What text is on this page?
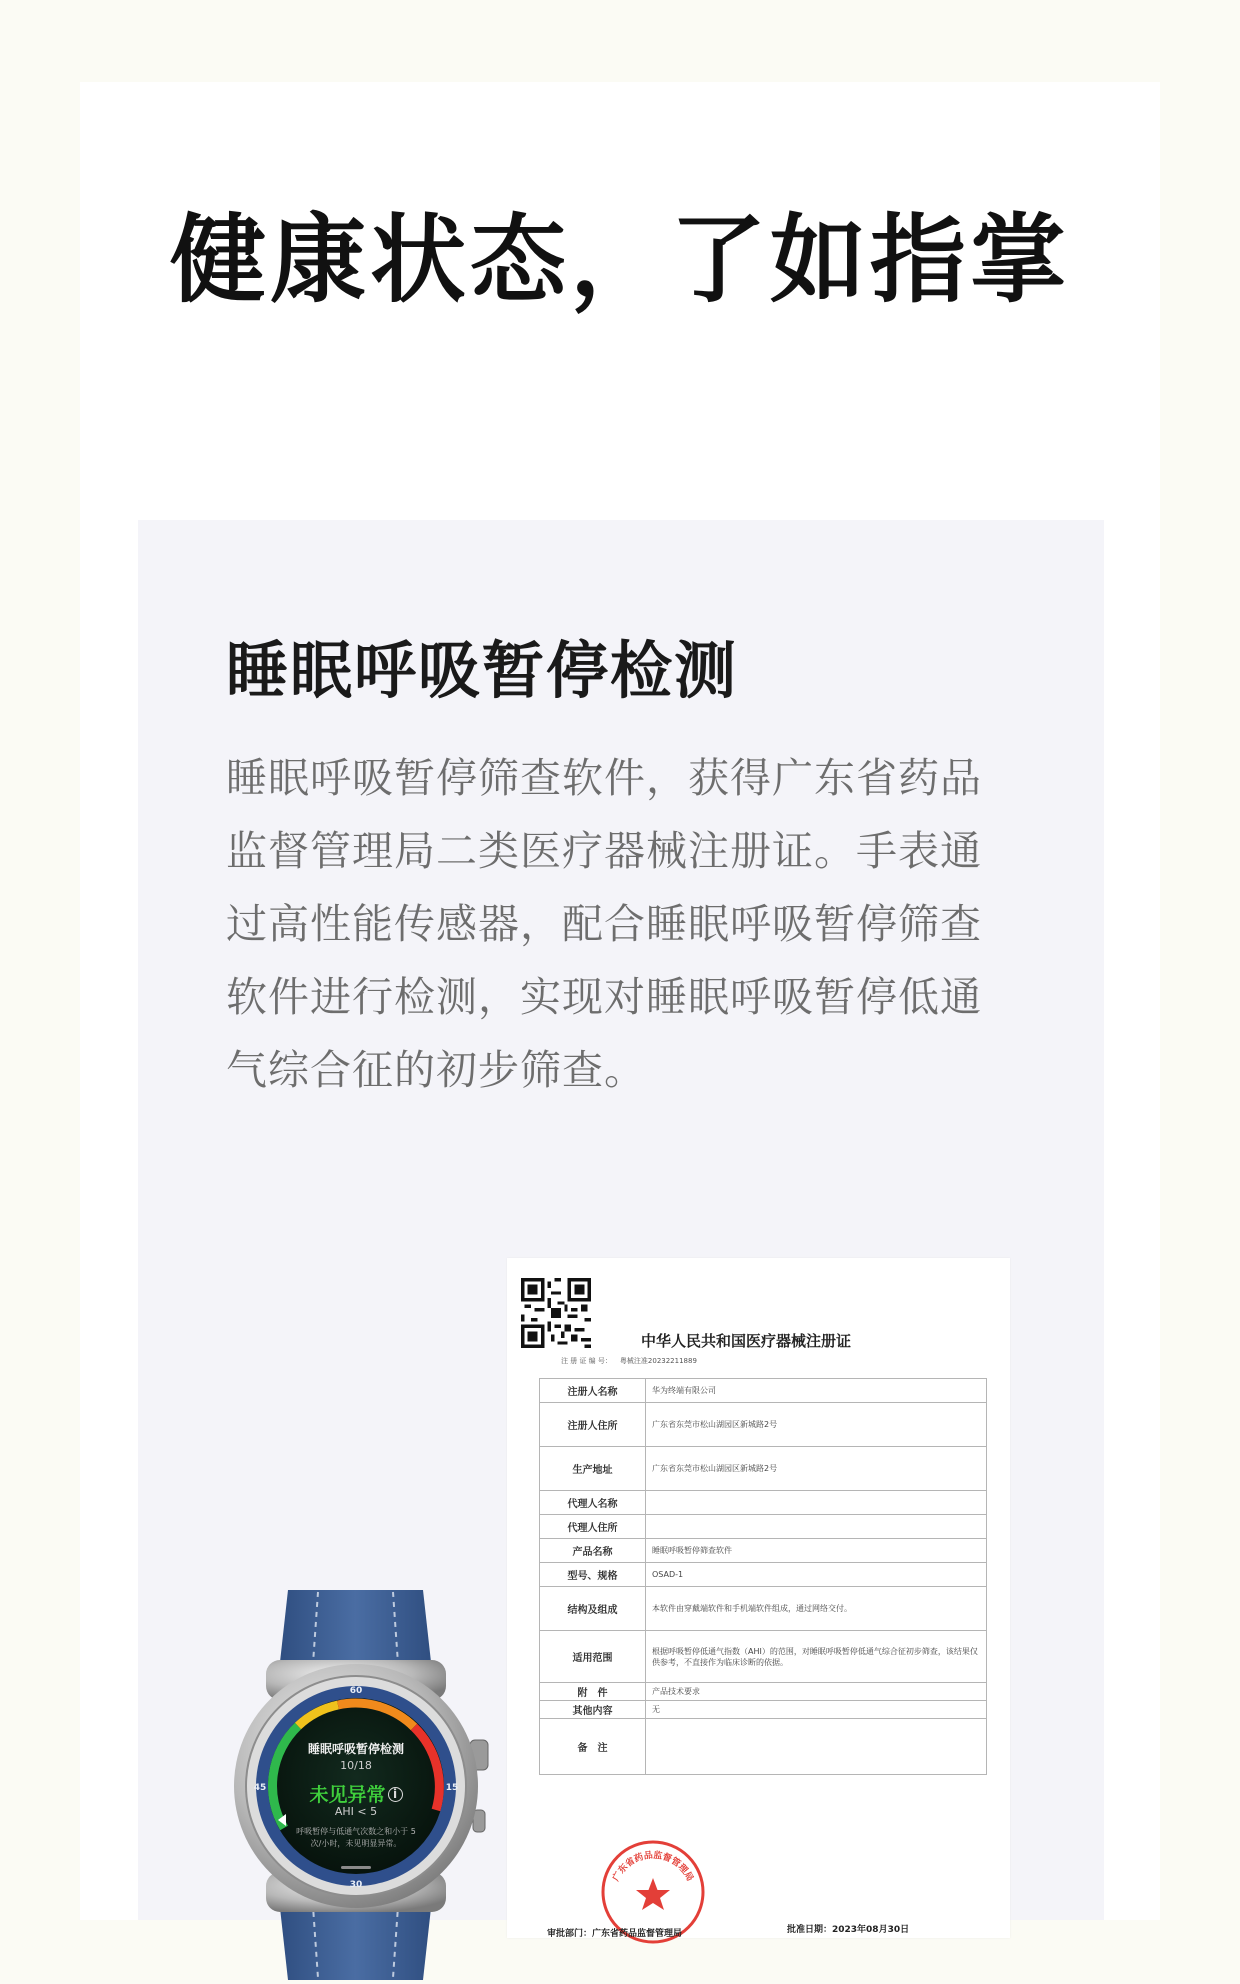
健康状态，了如指掌
睡眠呼吸暂停检测
睡眠呼吸暂停筛查软件，获得广东省药品监督管理局二类医疗器械注册证。手表通过高性能传感器，配合睡眠呼吸暂停筛查软件进行检测，实现对睡眠呼吸暂停低通气综合征的初步筛查。
中华人民共和国医疗器械注册证
注 册 证 编 号： 粤械注准20232211889
注册人名称	华为终端有限公司
注册人住所	广东省东莞市松山湖园区新城路2号
生产地址	广东省东莞市松山湖园区新城路2号
代理人名称	
代理人住所	
产品名称	睡眠呼吸暂停筛查软件
型号、规格	OSAD-1
结构及组成	本软件由穿戴端软件和手机端软件组成，通过网络交付。
适用范围	根据呼吸暂停低通气指数（AHI）的范围，对睡眠呼吸暂停低通气综合征初步筛查，该结果仅供参考，不直接作为临床诊断的依据。
附　件	产品技术要求
其他内容	无
备　注	
广东省药品监督管理局
审批部门：广东省药品监督管理局	批准日期：2023年08月30日
60
15
30
45
睡眠呼吸暂停检测
10/18
未见异常 i
AHI < 5
呼吸暂停与低通气次数之和小于 5 次/小时，未见明显异常。
